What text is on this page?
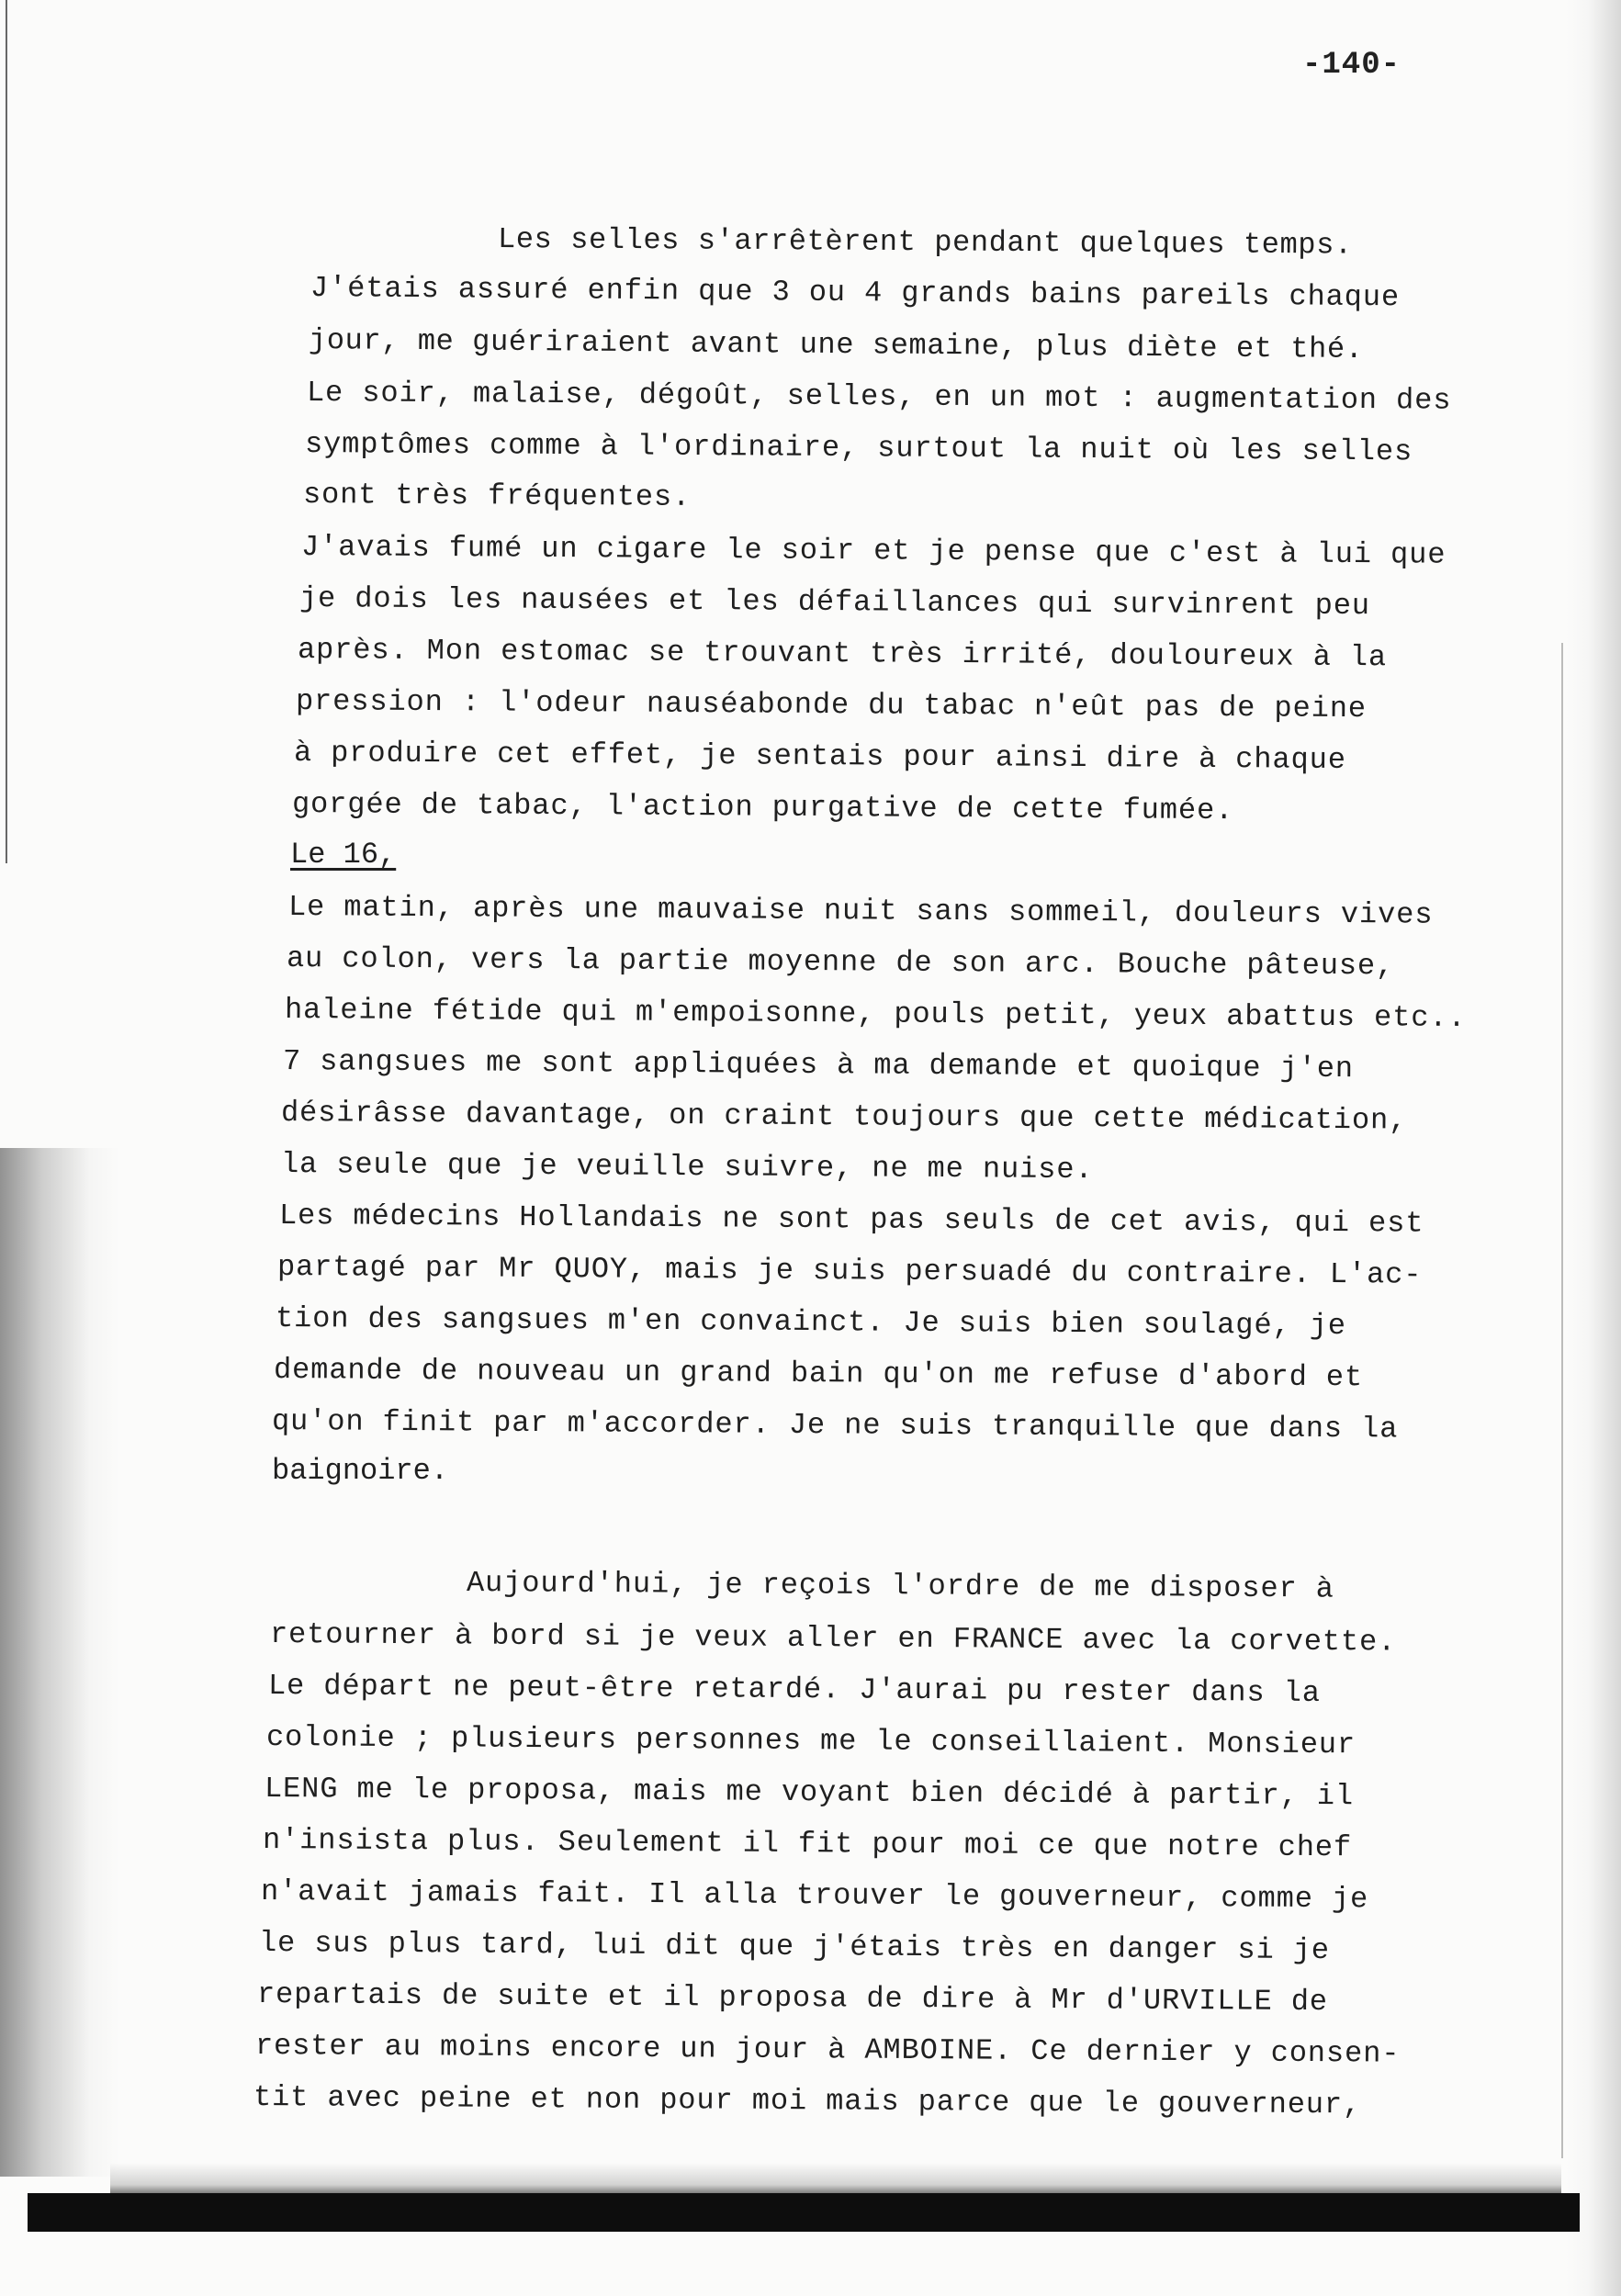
-140-
Les selles s'arrêtèrent pendant quelques temps.
J'étais assuré enfin que 3 ou 4 grands bains pareils chaque
jour, me guériraient avant une semaine, plus diète et thé.
Le soir, malaise, dégoût, selles, en un mot : augmentation des
symptômes comme à l'ordinaire, surtout la nuit où les selles
sont très fréquentes.
J'avais fumé un cigare le soir et je pense que c'est à lui que
je dois les nausées et les défaillances qui survinrent peu
après. Mon estomac se trouvant très irrité, douloureux à la
pression : l'odeur nauséabonde du tabac n'eût pas de peine
à produire cet effet, je sentais pour ainsi dire à chaque
gorgée de tabac, l'action purgative de cette fumée.
Le 16,
Le matin, après une mauvaise nuit sans sommeil, douleurs vives
au colon, vers la partie moyenne de son arc. Bouche pâteuse,
haleine fétide qui m'empoisonne, pouls petit, yeux abattus etc..
7 sangsues me sont appliquées à ma demande et quoique j'en
désirâsse davantage, on craint toujours que cette médication,
la seule que je veuille suivre, ne me nuise.
Les médecins Hollandais ne sont pas seuls de cet avis, qui est
partagé par Mr QUOY, mais je suis persuadé du contraire. L'ac-
tion des sangsues m'en convainct. Je suis bien soulagé, je
demande de nouveau un grand bain qu'on me refuse d'abord et
qu'on finit par m'accorder. Je ne suis tranquille que dans la
baignoire.
Aujourd'hui, je reçois l'ordre de me disposer à
retourner à bord si je veux aller en FRANCE avec la corvette.
Le départ ne peut-être retardé. J'aurai pu rester dans la
colonie ; plusieurs personnes me le conseillaient. Monsieur
LENG me le proposa, mais me voyant bien décidé à partir, il
n'insista plus. Seulement il fit pour moi ce que notre chef
n'avait jamais fait. Il alla trouver le gouverneur, comme je
le sus plus tard, lui dit que j'étais très en danger si je
repartais de suite et il proposa de dire à Mr d'URVILLE de
rester au moins encore un jour à AMBOINE. Ce dernier y consen-
tit avec peine et non pour moi mais parce que le gouverneur,
